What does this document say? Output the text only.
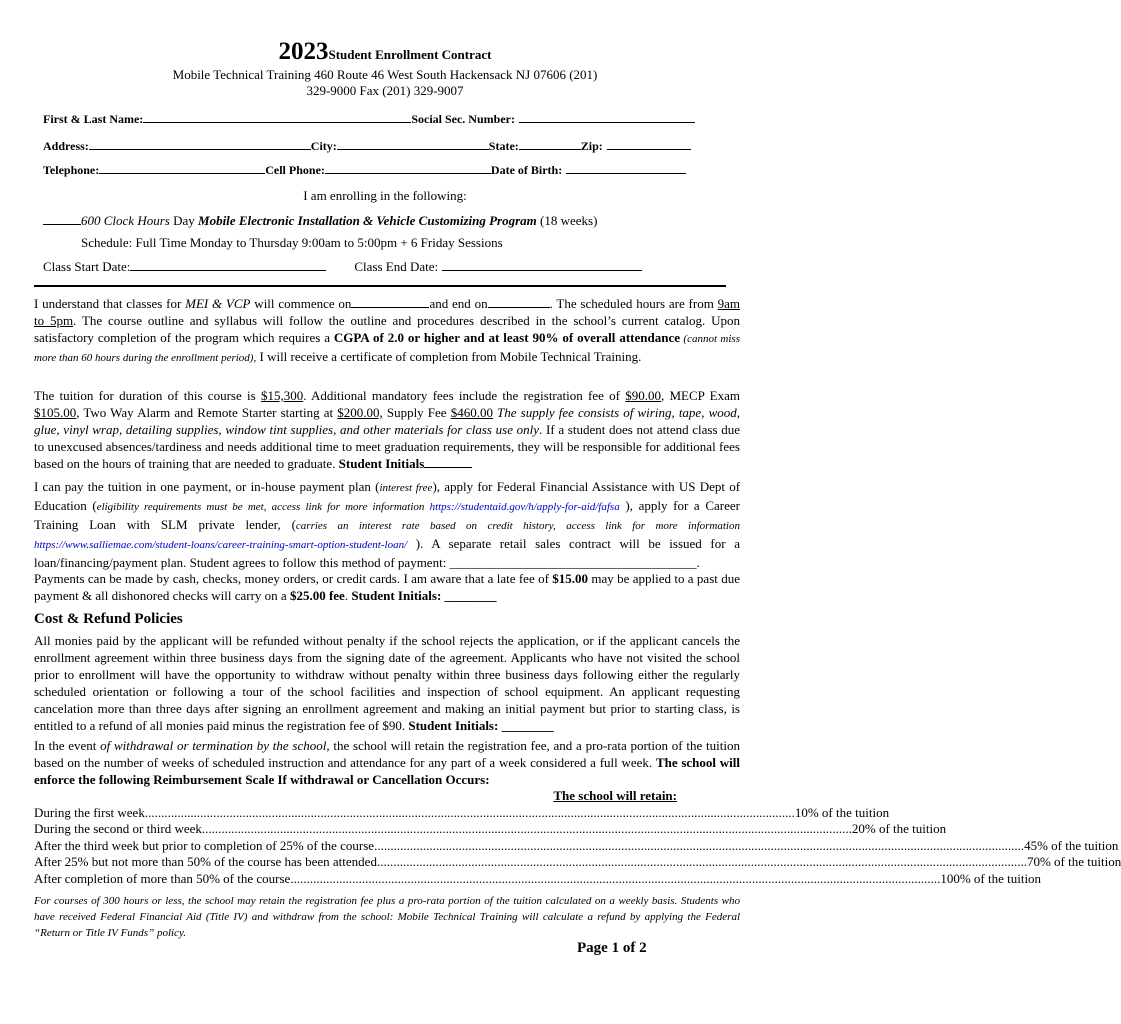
2023Student Enrollment Contract
Mobile Technical Training 460 Route 46 West South Hackensack NJ 07606 (201)
329-9000 Fax (201) 329-9007
First & Last Name:	Social Sec. Number:
Address:	City:	State:	Zip:
Telephone:	Cell Phone:	Date of Birth:
I am enrolling in the following:
600 Clock Hours Day Mobile Electronic Installation & Vehicle Customizing Program (18 weeks)
Schedule: Full Time Monday to Thursday 9:00am to 5:00pm + 6 Friday Sessions
Class Start Date:	Class End Date:
I understand that classes for MEI & VCP will commence on	and end on	. The scheduled hours are from 9am to 5pm. The course outline and syllabus will follow the outline and procedures described in the school’s current catalog. Upon satisfactory completion of the program which requires a CGPA of 2.0 or higher and at least 90% of overall attendance (cannot miss more than 60 hours during the enrollment period), I will receive a certificate of completion from Mobile Technical Training.
The tuition for duration of this course is $15,300. Additional mandatory fees include the registration fee of $90.00, MECP Exam $105.00, Two Way Alarm and Remote Starter starting at $200.00, Supply Fee $460.00 The supply fee consists of wiring, tape, wood, glue, vinyl wrap, detailing supplies, window tint supplies, and other materials for class use only. If a student does not attend class due to unexcused absences/tardiness and needs additional time to meet graduation requirements, they will be responsible for additional fees based on the hours of training that are needed to graduate. Student Initials
I can pay the tuition in one payment, or in-house payment plan (interest free), apply for Federal Financial Assistance with US Dept of Education (eligibility requirements must be met, access link for more information https://studentaid.gov/h/apply-for-aid/fafsa ), apply for a Career Training Loan with SLM private lender, (carries an interest rate based on credit history, access link for more information https://www.salliemae.com/student-loans/career-training-smart-option-student-loan/ ). A separate retail sales contract will be issued for a loan/financing/payment plan. Student agrees to follow this method of payment: ______________________________________.
Payments can be made by cash, checks, money orders, or credit cards. I am aware that a late fee of $15.00 may be applied to a past due payment & all dishonored checks will carry on a $25.00 fee. Student Initials: ________
Cost & Refund Policies
All monies paid by the applicant will be refunded without penalty if the school rejects the application, or if the applicant cancels the enrollment agreement within three business days from the signing date of the agreement. Applicants who have not visited the school prior to enrollment will have the opportunity to withdraw without penalty within three business days following either the regularly scheduled orientation or following a tour of the school facilities and inspection of school equipment. An applicant requesting cancelation more than three days after signing an enrollment agreement and making an initial payment but prior to starting class, is entitled to a refund of all monies paid minus the registration fee of $90. Student Initials: ________
In the event of withdrawal or termination by the school, the school will retain the registration fee, and a pro-rata portion of the tuition based on the number of weeks of scheduled instruction and attendance for any part of a week considered a full week. The school will enforce the following Reimbursement Scale If withdrawal or Cancellation Occurs:
The school will retain:
During the first week ........................................................................................................................................................................................................ 10% of the tuition
During the second or third week ........................................................................................................................................................................................................ 20% of the tuition
After the third week but prior to completion of 25% of the course ........................................................................................................................................................................................................ 45% of the tuition
After 25% but not more than 50% of the course has been attended ........................................................................................................................................................................................................ 70% of the tuition
After completion of more than 50% of the course ........................................................................................................................................................................................................ 100% of the tuition
For courses of 300 hours or less, the school may retain the registration fee plus a pro-rata portion of the tuition calculated on a weekly basis. Students who have received Federal Financial Aid (Title IV) and withdraw from the school: Mobile Technical Training will calculate a refund by applying the Federal “Return or Title IV Funds” policy.
Page 1 of 2
